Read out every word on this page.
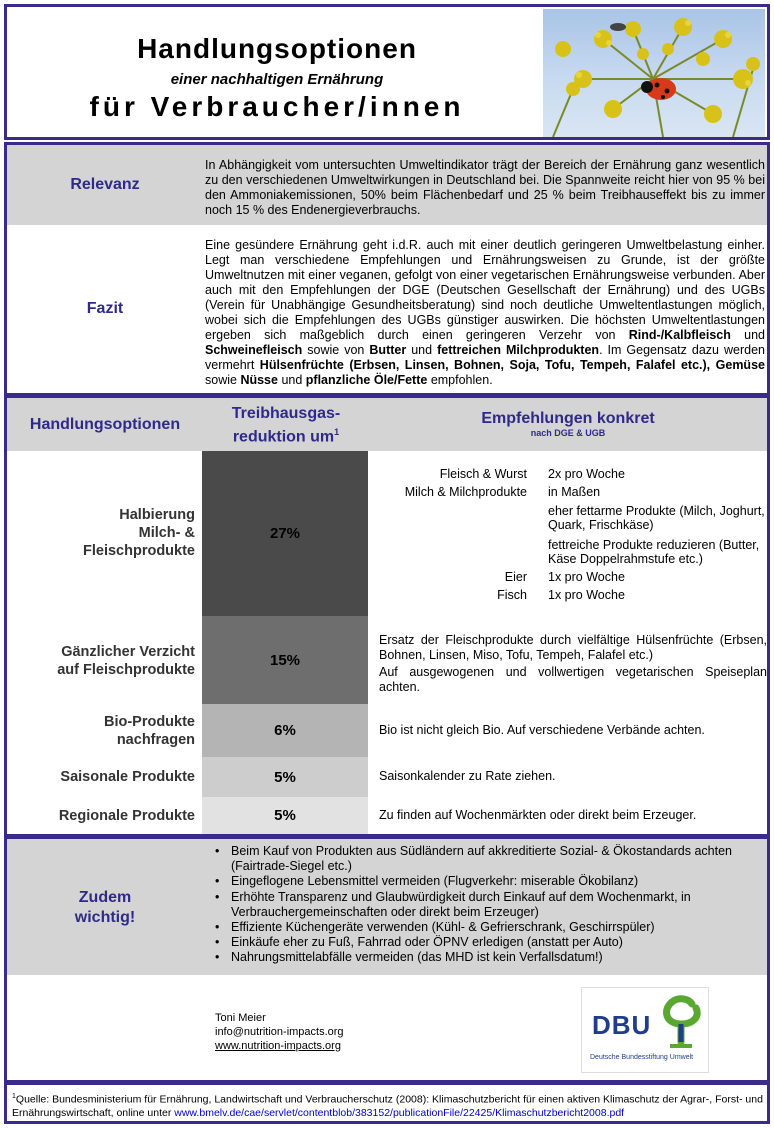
Handlungsoptionen
einer nachhaltigen Ernährung
für Verbraucher/innen
Relevanz
In Abhängigkeit vom untersuchten Umweltindikator trägt der Bereich der Ernährung ganz wesentlich zu den verschiedenen Umweltwirkungen in Deutschland bei. Die Spannweite reicht hier von 95 % bei den Ammoniakemissionen, 50% beim Flächenbedarf und 25 % beim Treibhauseffekt bis zu immer noch 15 % des Endenergieverbrauchs.
Fazit
Eine gesündere Ernährung geht i.d.R. auch mit einer deutlich geringeren Umweltbelastung einher. Legt man verschiedene Empfehlungen und Ernährungsweisen zu Grunde, ist der größte Umweltnutzen mit einer veganen, gefolgt von einer vegetarischen Ernährungsweise verbunden. Aber auch mit den Empfehlungen der DGE (Deutschen Gesellschaft der Ernährung) und des UGBs (Verein für Unabhängige Gesundheitsberatung) sind noch deutliche Umweltentlastungen möglich, wobei sich die Empfehlungen des UGBs günstiger auswirken. Die höchsten Umweltentlastungen ergeben sich maßgeblich durch einen geringeren Verzehr von Rind-/Kalbfleisch und Schweinefleisch sowie von Butter und fettreichen Milchprodukten. Im Gegensatz dazu werden vermehrt Hülsenfrüchte (Erbsen, Linsen, Bohnen, Soja, Tofu, Tempeh, Falafel etc.), Gemüse sowie Nüsse und pflanzliche Öle/Fette empfohlen.
Handlungsoptionen
Treibhausgas-reduktion $um^1$
Empfehlungen konkret
nach DGE & UGB
27%
Halbierung
Milch- &
Fleischprodukte
Fleisch & Wurst 2x pro Woche
Milch & Milchprodukte in Maßen
eher fettarme Produkte (Milch, Joghurt, Quark, Frischkäse)
fettreiche Produkte reduzieren (Butter, Käse Doppelrahmstufe etc.)
Eier 1x pro Woche
Fisch 1x pro Woche
15%
Gänzlicher Verzicht
auf Fleischprodukte
Ersatz der Fleischprodukte durch vielfältige Hülsenfrüchte (Erbsen, Bohnen, Linsen, Miso, Tofu, Tempeh, Falafel etc.)
Auf ausgewogenen und vollwertigen vegetarischen Speiseplan achten.
6%
Bio-Produkte
nachfragen
Bio ist nicht gleich Bio. Auf verschiedene Verbände achten.
5%
Saisonale Produkte	Saisonkalender zu Rate ziehen.
5%
Regionale Produkte	Zu finden auf Wochenmärkten oder direkt beim Erzeuger.
Zudem
wichtig!
• Beim Kauf von Produkten aus Südländern auf akkreditierte Sozial- & Ökostandards achten (Fairtrade-Siegel etc.)
• Eingeflogene Lebensmittel vermeiden (Flugverkehr: miserable Ökobilanz)
• Erhöhte Transparenz und Glaubwürdigkeit durch Einkauf auf dem Wochenmarkt, in Verbrauchergemeinschaften oder direkt beim Erzeuger)
• Effiziente Küchengeräte verwenden (Kühl- & Gefrierschrank, Geschirrspüler)
• Einkäufe eher zu Fuß, Fahrrad oder ÖPNV erledigen (anstatt per Auto)
• Nahrungsmittelabfälle vermeiden (das MHD ist kein Verfallsdatum!)
Toni Meier
info@nutrition-impacts.org
www.nutrition-impacts.org
DBU
Deutsche Bundesstiftung Umwelt
$^1$Quelle: Bundesministerium für Ernährung, Landwirtschaft und Verbraucherschutz (2008): Klimaschutzbericht für einen aktiven Klimaschutz der Agrar-, Forst- und Ernährungswirtschaft, online unter www.bmelv.de/cae/servlet/contentblob/383152/publicationFile/22425/Klimaschutzbericht2008.pdf
